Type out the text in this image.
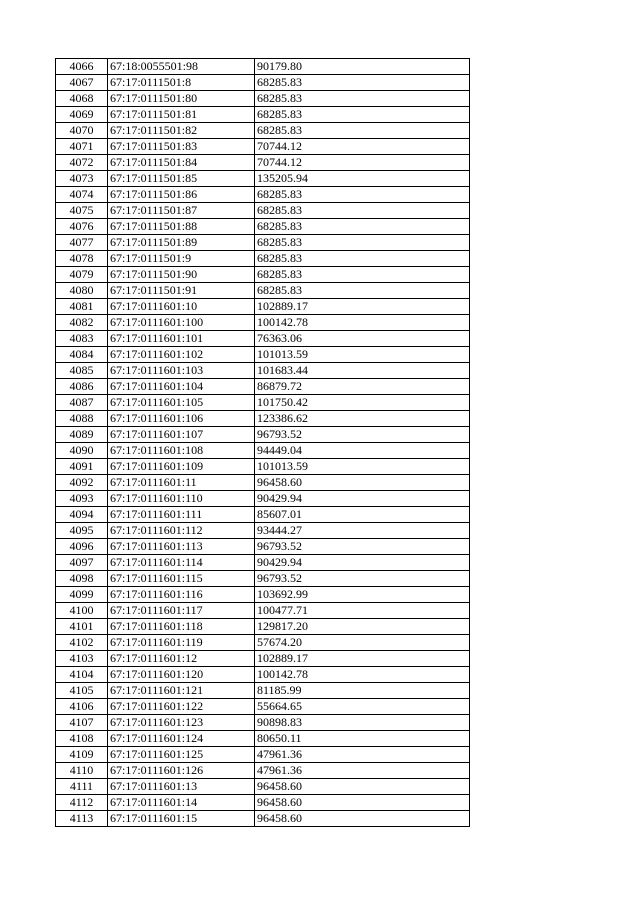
4066	67:18:0055501:98	90179.80
4067	67:17:0111501:8	68285.83
4068	67:17:0111501:80	68285.83
4069	67:17:0111501:81	68285.83
4070	67:17:0111501:82	68285.83
4071	67:17:0111501:83	70744.12
4072	67:17:0111501:84	70744.12
4073	67:17:0111501:85	135205.94
4074	67:17:0111501:86	68285.83
4075	67:17:0111501:87	68285.83
4076	67:17:0111501:88	68285.83
4077	67:17:0111501:89	68285.83
4078	67:17:0111501:9	68285.83
4079	67:17:0111501:90	68285.83
4080	67:17:0111501:91	68285.83
4081	67:17:0111601:10	102889.17
4082	67:17:0111601:100	100142.78
4083	67:17:0111601:101	76363.06
4084	67:17:0111601:102	101013.59
4085	67:17:0111601:103	101683.44
4086	67:17:0111601:104	86879.72
4087	67:17:0111601:105	101750.42
4088	67:17:0111601:106	123386.62
4089	67:17:0111601:107	96793.52
4090	67:17:0111601:108	94449.04
4091	67:17:0111601:109	101013.59
4092	67:17:0111601:11	96458.60
4093	67:17:0111601:110	90429.94
4094	67:17:0111601:111	85607.01
4095	67:17:0111601:112	93444.27
4096	67:17:0111601:113	96793.52
4097	67:17:0111601:114	90429.94
4098	67:17:0111601:115	96793.52
4099	67:17:0111601:116	103692.99
4100	67:17:0111601:117	100477.71
4101	67:17:0111601:118	129817.20
4102	67:17:0111601:119	57674.20
4103	67:17:0111601:12	102889.17
4104	67:17:0111601:120	100142.78
4105	67:17:0111601:121	81185.99
4106	67:17:0111601:122	55664.65
4107	67:17:0111601:123	90898.83
4108	67:17:0111601:124	80650.11
4109	67:17:0111601:125	47961.36
4110	67:17:0111601:126	47961.36
4111	67:17:0111601:13	96458.60
4112	67:17:0111601:14	96458.60
4113	67:17:0111601:15	96458.60
